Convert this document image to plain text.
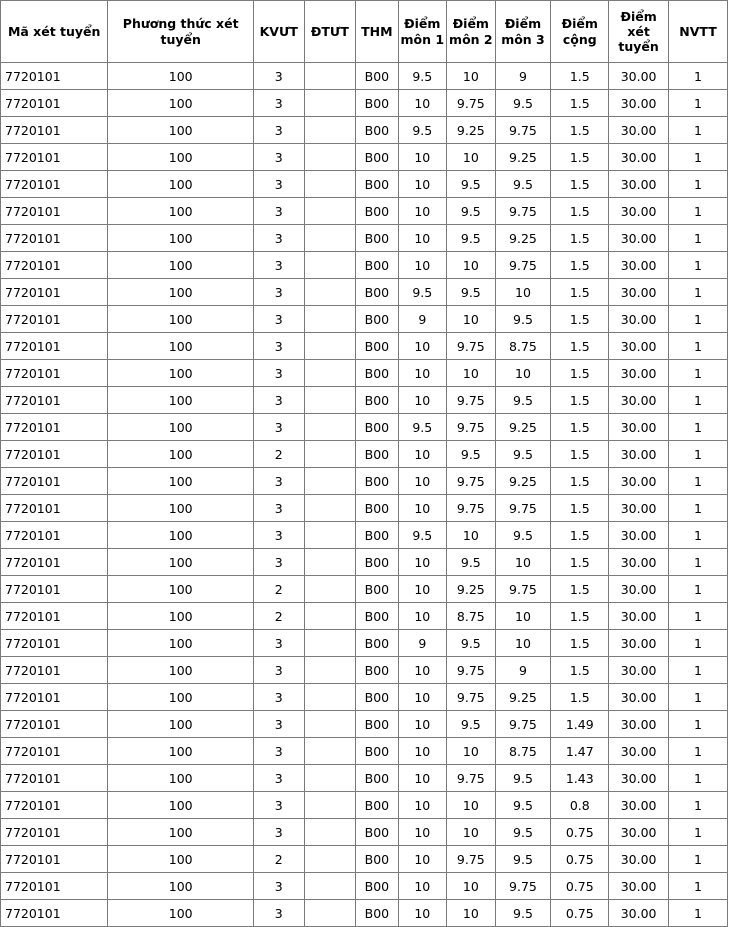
Mã xét tuyển	Phương thức xét tuyển	KVƯT	ĐTƯT	THM	Điểm môn 1	Điểm môn 2	Điểm môn 3	Điểm cộng	Điểm xét tuyển	NVTT
7720101	100	3		B00	9.5	10	9	1.5	30.00	1
7720101	100	3		B00	10	9.75	9.5	1.5	30.00	1
7720101	100	3		B00	9.5	9.25	9.75	1.5	30.00	1
7720101	100	3		B00	10	10	9.25	1.5	30.00	1
7720101	100	3		B00	10	9.5	9.5	1.5	30.00	1
7720101	100	3		B00	10	9.5	9.75	1.5	30.00	1
7720101	100	3		B00	10	9.5	9.25	1.5	30.00	1
7720101	100	3		B00	10	10	9.75	1.5	30.00	1
7720101	100	3		B00	9.5	9.5	10	1.5	30.00	1
7720101	100	3		B00	9	10	9.5	1.5	30.00	1
7720101	100	3		B00	10	9.75	8.75	1.5	30.00	1
7720101	100	3		B00	10	10	10	1.5	30.00	1
7720101	100	3		B00	10	9.75	9.5	1.5	30.00	1
7720101	100	3		B00	9.5	9.75	9.25	1.5	30.00	1
7720101	100	2		B00	10	9.5	9.5	1.5	30.00	1
7720101	100	3		B00	10	9.75	9.25	1.5	30.00	1
7720101	100	3		B00	10	9.75	9.75	1.5	30.00	1
7720101	100	3		B00	9.5	10	9.5	1.5	30.00	1
7720101	100	3		B00	10	9.5	10	1.5	30.00	1
7720101	100	2		B00	10	9.25	9.75	1.5	30.00	1
7720101	100	2		B00	10	8.75	10	1.5	30.00	1
7720101	100	3		B00	9	9.5	10	1.5	30.00	1
7720101	100	3		B00	10	9.75	9	1.5	30.00	1
7720101	100	3		B00	10	9.75	9.25	1.5	30.00	1
7720101	100	3		B00	10	9.5	9.75	1.49	30.00	1
7720101	100	3		B00	10	10	8.75	1.47	30.00	1
7720101	100	3		B00	10	9.75	9.5	1.43	30.00	1
7720101	100	3		B00	10	10	9.5	0.8	30.00	1
7720101	100	3		B00	10	10	9.5	0.75	30.00	1
7720101	100	2		B00	10	9.75	9.5	0.75	30.00	1
7720101	100	3		B00	10	10	9.75	0.75	30.00	1
7720101	100	3		B00	10	10	9.5	0.75	30.00	1
